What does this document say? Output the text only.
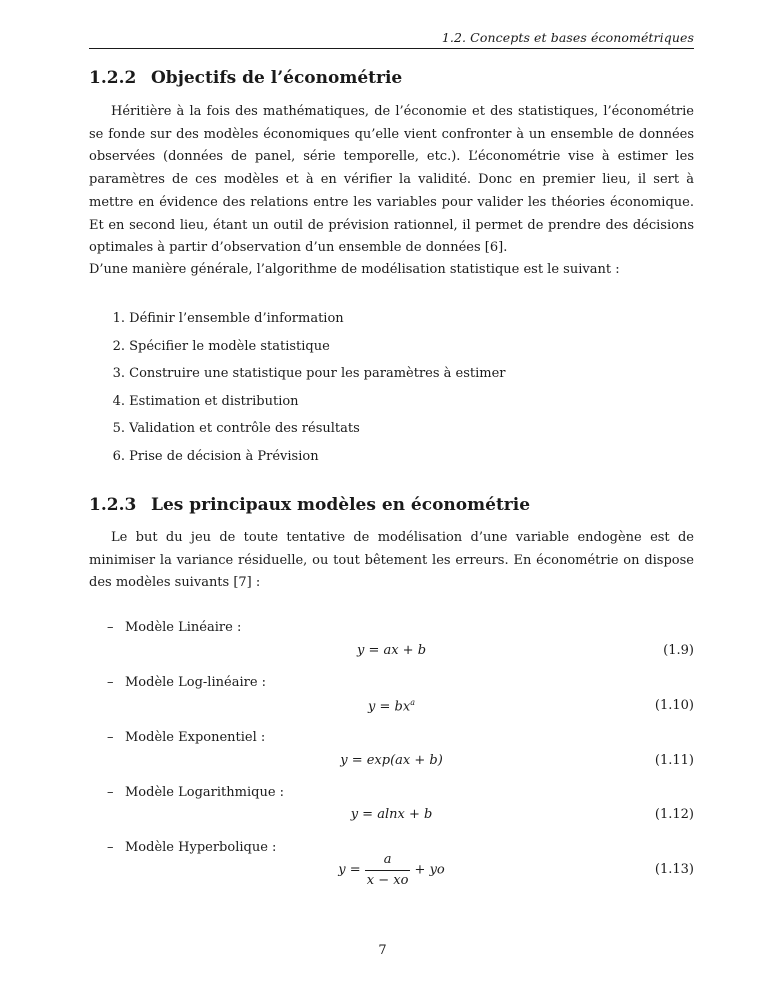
1.2. Concepts et bases économétriques
1.2.2 Objectifs de l’économétrie

Héritière à la fois des mathématiques, de l’économie et des statistiques, l’économétrie se fonde sur des modèles économiques qu’elle vient confronter à un ensemble de données observées (données de panel, série temporelle, etc.). L’économétrie vise à estimer les paramètres de ces modèles et à en vérifier la validité. Donc en premier lieu, il sert à mettre en évidence des relations entre les variables pour valider les théories économique. Et en second lieu, étant un outil de prévision rationnel, il permet de prendre des décisions optimales à partir d’observation d’un ensemble de données [6].

D’une manière générale, l’algorithme de modélisation statistique est le suivant :

1. Définir l’ensemble d’information
2. Spécifier le modèle statistique
3. Construire une statistique pour les paramètres à estimer
4. Estimation et distribution
5. Validation et contrôle des résultats
6. Prise de décision à Prévision
1.2.3 Les principaux modèles en économétrie

Le but du jeu de toute tentative de modélisation d’une variable endogène est de minimiser la variance résiduelle, ou tout bêtement les erreurs. En économétrie on dispose des modèles suivants [7] :

– Modèle Linéaire :
y = ax + b	(1.9)
– Modèle Log-linéaire :
$y = bx^a$	(1.10)
– Modèle Exponentiel :
y = exp(ax + b)	(1.11)
– Modèle Logarithmique :
y = alnx + b	(1.12)
– Modèle Hyperbolique :
$y = \frac{a}{x - xo}$ + yo	(1.13)
7
